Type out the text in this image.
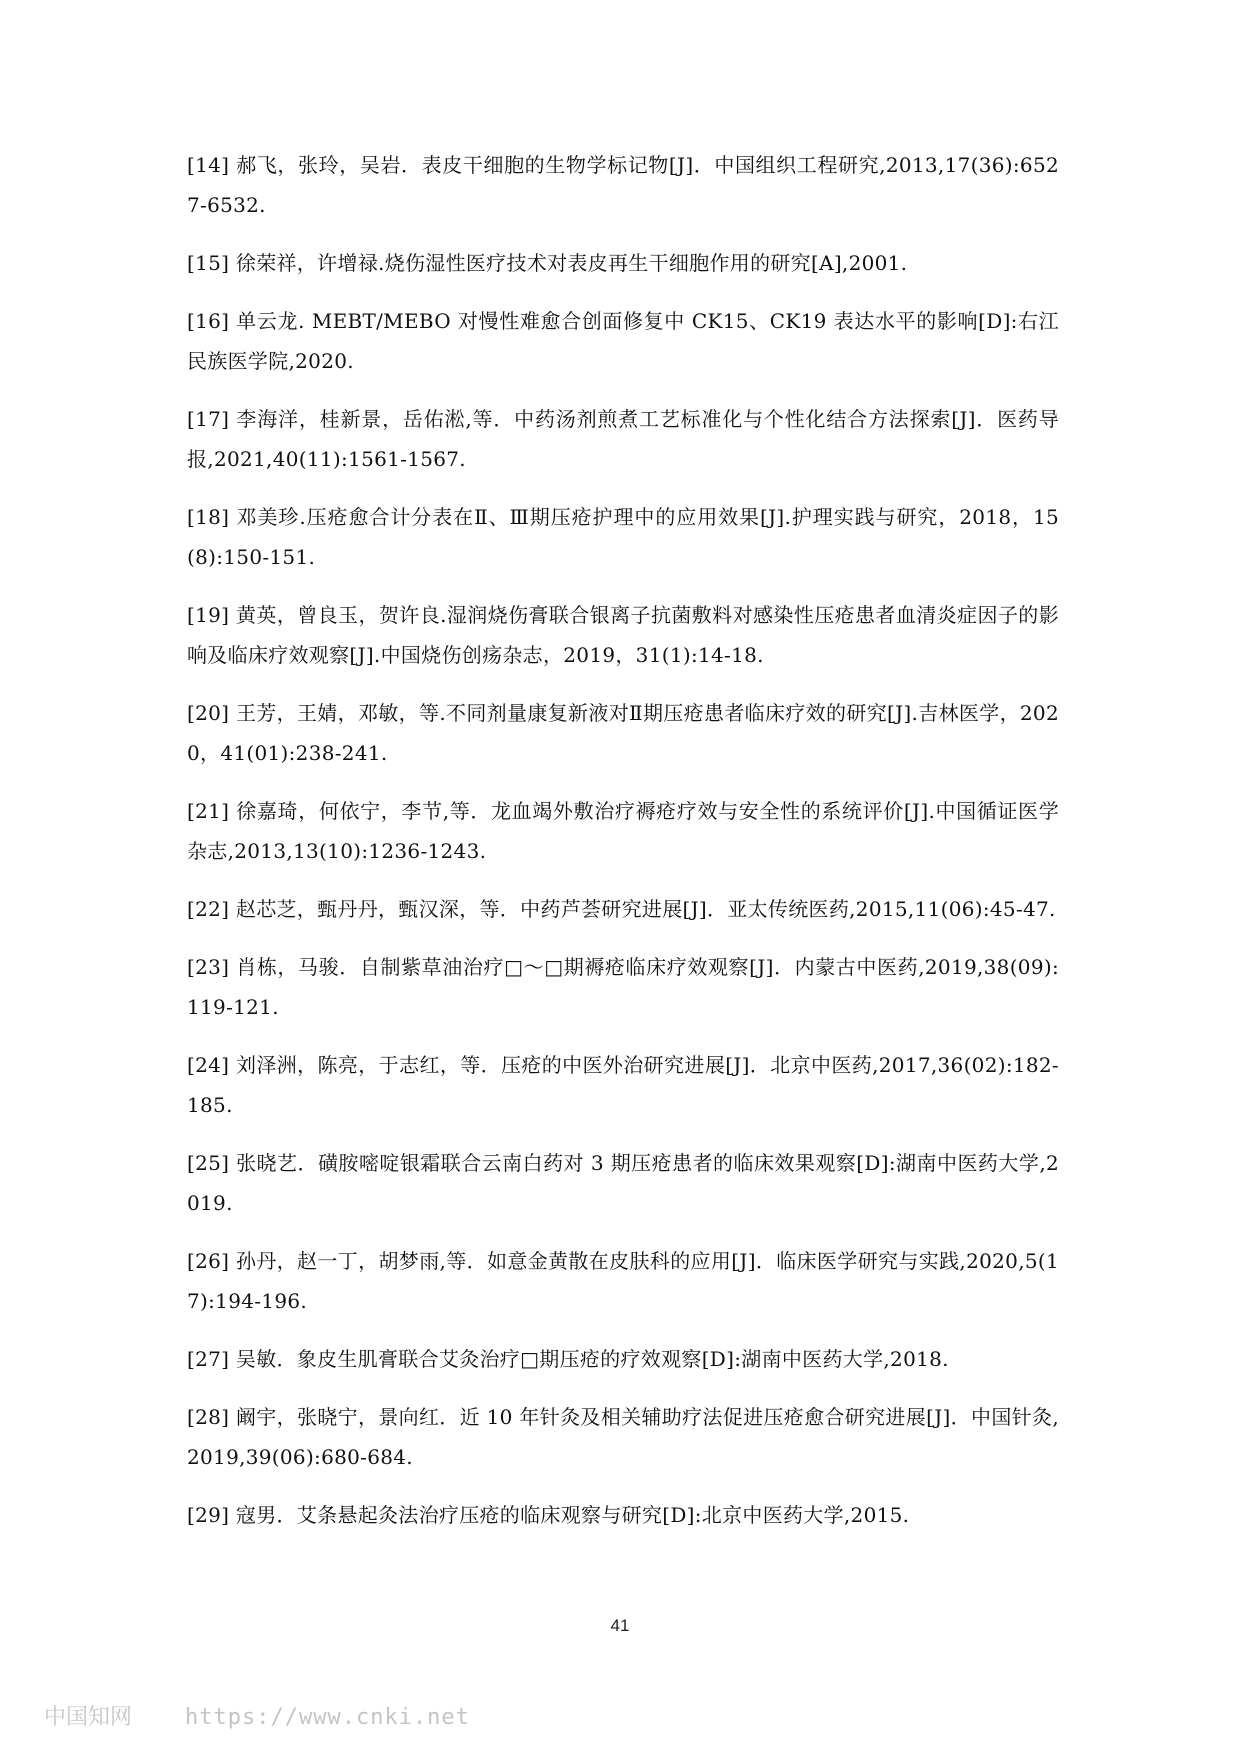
[14] 郝飞，张玲，吴岩．表皮干细胞的生物学标记物[J]．中国组织工程研究,2013,17(36):6527-6532.

[15] 徐荣祥，许增禄.烧伤湿性医疗技术对表皮再生干细胞作用的研究[A],2001.

[16] 单云龙. MEBT/MEBO 对慢性难愈合创面修复中 CK15、CK19 表达水平的影响[D]:右江民族医学院,2020.

[17] 李海洋，桂新景，岳佑淞,等．中药汤剂煎煮工艺标准化与个性化结合方法探索[J]．医药导报,2021,40(11):1561-1567.

[18] 邓美珍.压疮愈合计分表在Ⅱ、Ⅲ期压疮护理中的应用效果[J].护理实践与研究，2018，15(8):150-151.

[19] 黄英，曾良玉，贺许良.湿润烧伤膏联合银离子抗菌敷料对感染性压疮患者血清炎症因子的影响及临床疗效观察[J].中国烧伤创疡杂志，2019，31(1):14-18.

[20] 王芳，王婧，邓敏，等.不同剂量康复新液对Ⅱ期压疮患者临床疗效的研究[J].吉林医学，2020，41(01):238-241.

[21] 徐嘉琦，何依宁，李节,等．龙血竭外敷治疗褥疮疗效与安全性的系统评价[J].中国循证医学杂志,2013,13(10):1236-1243.

[22] 赵芯芝，甄丹丹，甄汉深，等．中药芦荟研究进展[J]．亚太传统医药,2015,11(06):45-47.

[23] 肖栋，马骏．自制紫草油治疗□～□期褥疮临床疗效观察[J]．内蒙古中医药,2019,38(09):119-121.

[24] 刘泽洲，陈亮，于志红，等．压疮的中医外治研究进展[J]．北京中医药,2017,36(02):182-185.

[25] 张晓艺．磺胺嘧啶银霜联合云南白药对 3 期压疮患者的临床效果观察[D]:湖南中医药大学,2019.

[26] 孙丹，赵一丁，胡梦雨,等．如意金黄散在皮肤科的应用[J]．临床医学研究与实践,2020,5(17):194-196.

[27] 吴敏．象皮生肌膏联合艾灸治疗□期压疮的疗效观察[D]:湖南中医药大学,2018.

[28] 阚宇，张晓宁，景向红．近 10 年针灸及相关辅助疗法促进压疮愈合研究进展[J]．中国针灸,2019,39(06):680-684.

[29] 寇男．艾条悬起灸法治疗压疮的临床观察与研究[D]:北京中医药大学,2015.

41
中国知网 https://www.cnki.net
